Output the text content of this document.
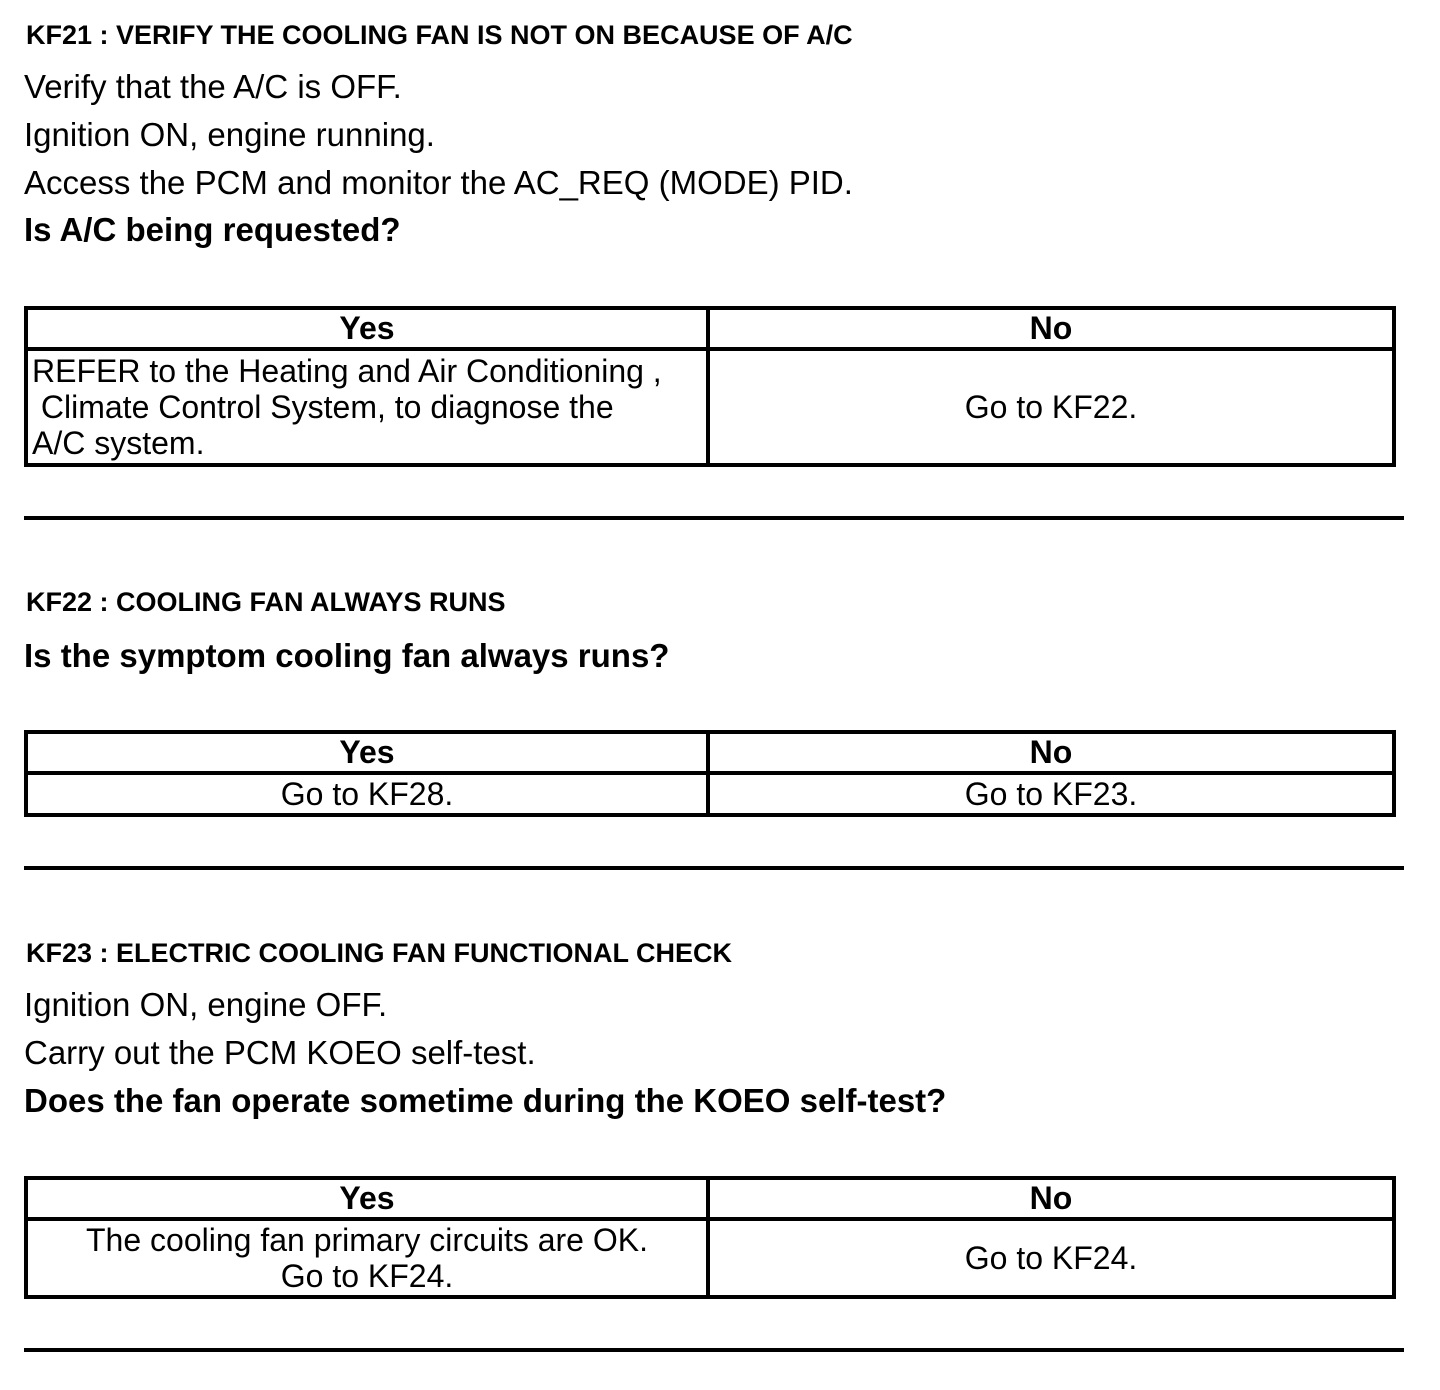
KF21 : VERIFY THE COOLING FAN IS NOT ON BECAUSE OF A/C
Verify that the A/C is OFF.
Ignition ON, engine running.
Access the PCM and monitor the AC_REQ (MODE) PID.
Is A/C being requested?
Yes	No

REFER to the Heating and Air Conditioning ,
Climate Control System, to diagnose the
A/C system.	Go to KF22.
KF22 : COOLING FAN ALWAYS RUNS
Is the symptom cooling fan always runs?
Yes	No
Go to KF28.	Go to KF23.
KF23 : ELECTRIC COOLING FAN FUNCTIONAL CHECK
Ignition ON, engine OFF.
Carry out the PCM KOEO self-test.
Does the fan operate sometime during the KOEO self-test?
Yes	No

The cooling fan primary circuits are OK.
Go to KF24.	Go to KF24.
